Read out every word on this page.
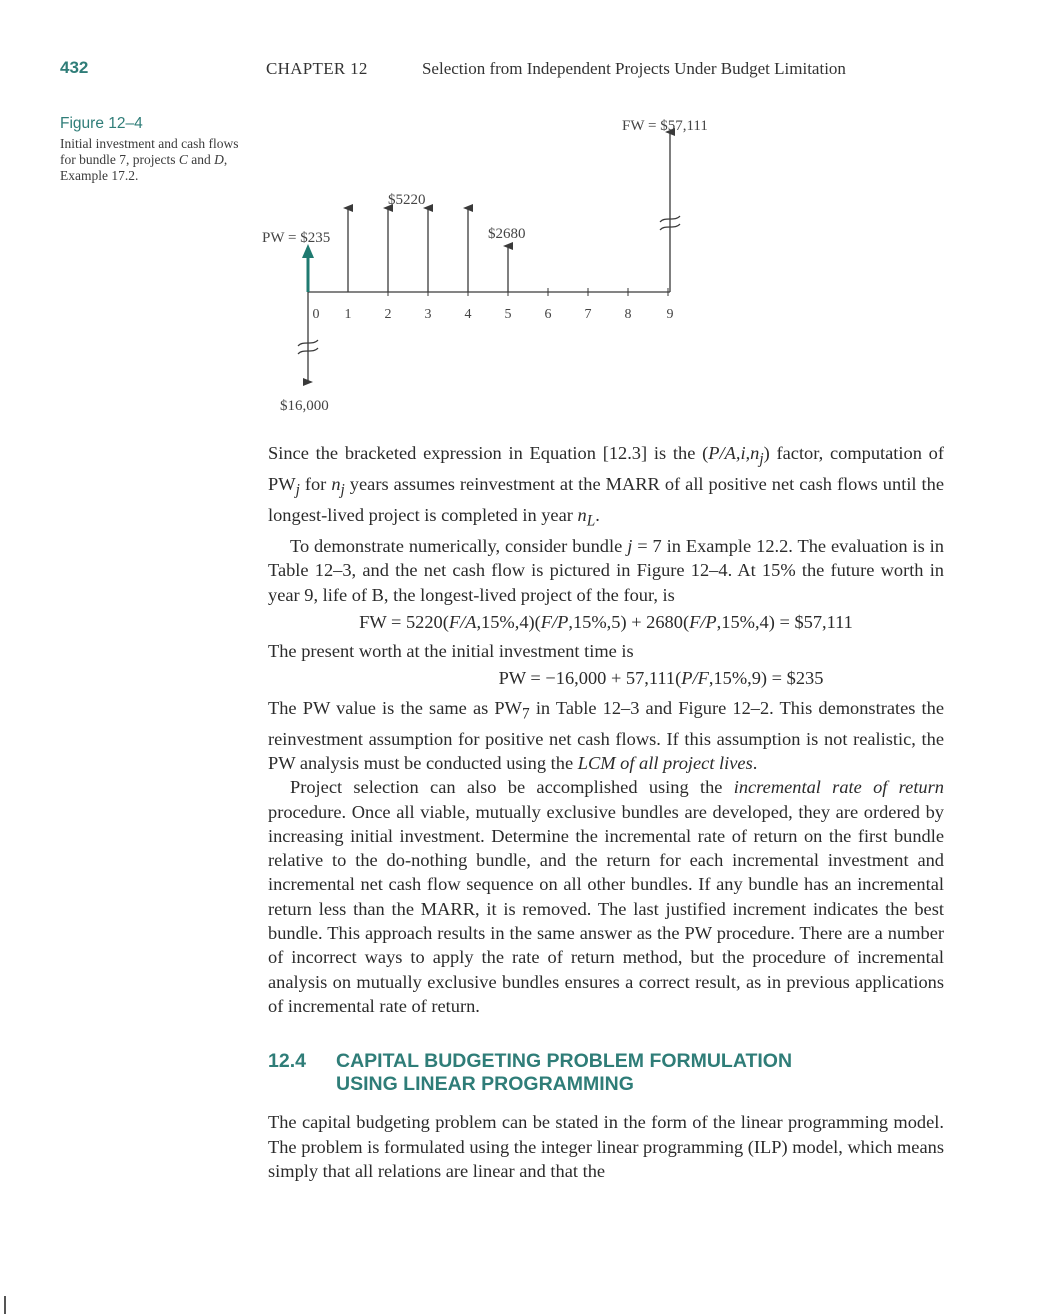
432	CHAPTER 12	Selection from Independent Projects Under Budget Limitation
Figure 12–4
Initial investment and cash flows for bundle 7, projects C and D, Example 17.2.
0 1 2 3 4 5 6 7 8	9
PW = $235
$16,000
$5220
$2680
FW = $57,111

Since the bracketed expression in Equation [12.3] is the $(P/A,i,n_j)$ factor, computation of $PW_j$ for $n_j$ years assumes reinvestment at the MARR of all positive net cash flows until the longest-lived project is completed in year $n_L$.

To demonstrate numerically, consider bundle j = 7 in Example 12.2. The evaluation is in Table 12–3, and the net cash flow is pictured in Figure 12–4. At 15% the future worth in year 9, life of B, the longest-lived project of the four, is

FW = 5220(F/A,15%,4)(F/P,15%,5) + 2680(F/P,15%,4) = $57,111

The present worth at the initial investment time is

PW = −16,000 + 57,111(P/F,15%,9) = $235

The PW value is the same as $PW_7$ in Table 12–3 and Figure 12–2. This demonstrates the reinvestment assumption for positive net cash flows. If this assumption is not realistic, the PW analysis must be conducted using the LCM of all project lives.

Project selection can also be accomplished using the incremental rate of return procedure. Once all viable, mutually exclusive bundles are developed, they are ordered by increasing initial investment. Determine the incremental rate of return on the first bundle relative to the do-nothing bundle, and the return for each incremental investment and incremental net cash flow sequence on all other bundles. If any bundle has an incremental return less than the MARR, it is removed. The last justified increment indicates the best bundle. This approach results in the same answer as the PW procedure. There are a number of incorrect ways to apply the rate of return method, but the procedure of incremental analysis on mutually exclusive bundles ensures a correct result, as in previous applications of incremental rate of return.

12.4	CAPITAL BUDGETING PROBLEM FORMULATION
USING LINEAR PROGRAMMING

The capital budgeting problem can be stated in the form of the linear programming model. The problem is formulated using the integer linear programming (ILP) model, which means simply that all relations are linear and that the
